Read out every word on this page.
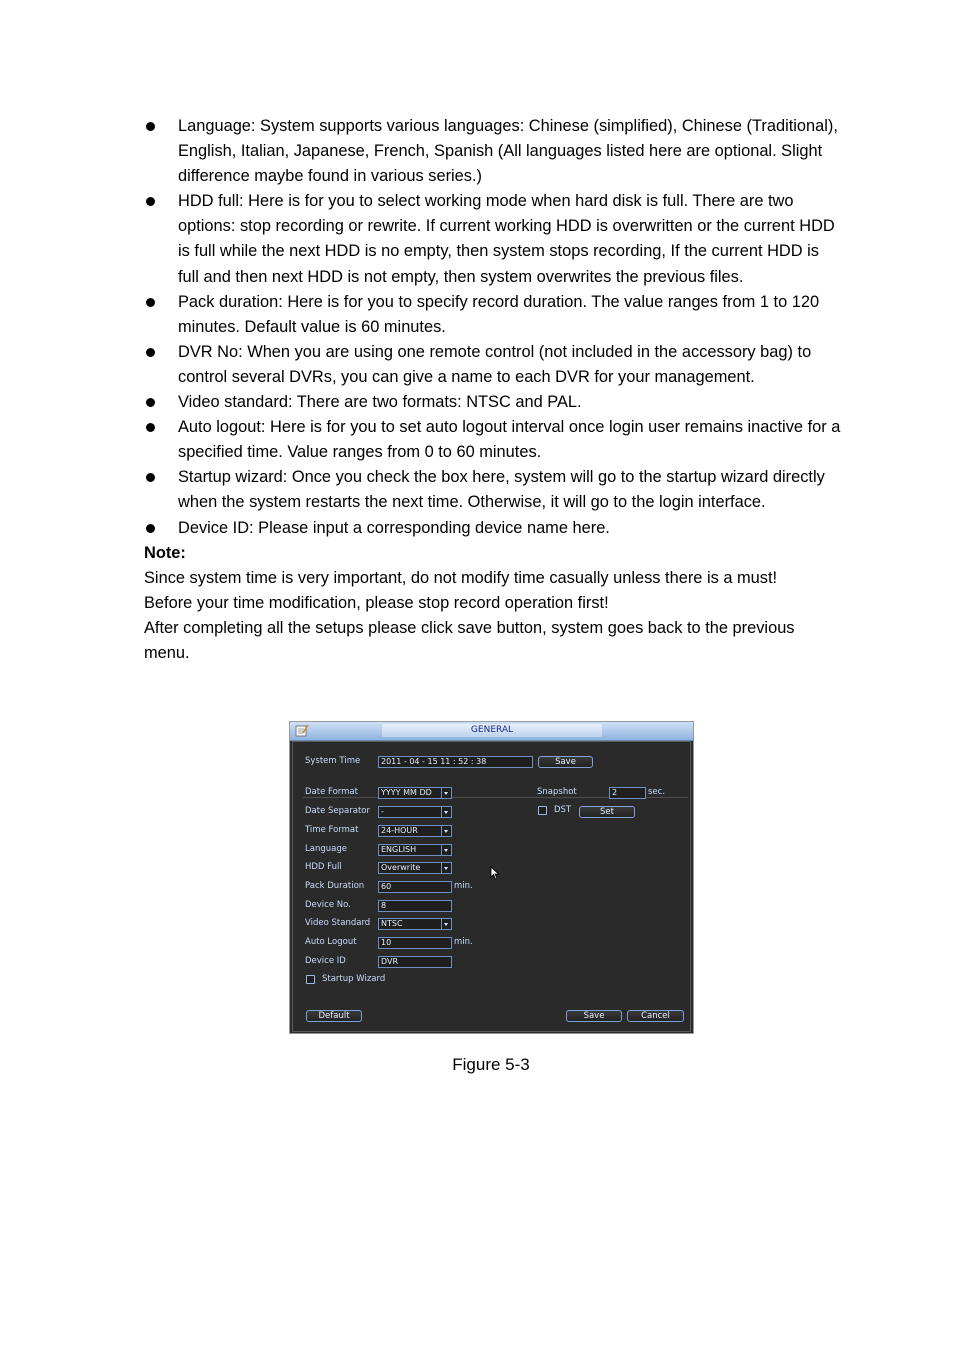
Language: System supports various languages: Chinese (simplified), Chinese (Traditional), English, Italian, Japanese, French, Spanish (All languages listed here are optional. Slight difference maybe found in various series.)
HDD full: Here is for you to select working mode when hard disk is full. There are two options: stop recording or rewrite. If current working HDD is overwritten or the current HDD is full while the next HDD is no empty, then system stops recording, If the current HDD is full and then next HDD is not empty, then system overwrites the previous files.
Pack duration: Here is for you to specify record duration. The value ranges from 1 to 120 minutes. Default value is 60 minutes.
DVR No: When you are using one remote control (not included in the accessory bag) to control several DVRs, you can give a name to each DVR for your management.
Video standard: There are two formats: NTSC and PAL.
Auto logout: Here is for you to set auto logout interval once login user remains inactive for a specified time. Value ranges from 0 to 60 minutes.
Startup wizard: Once you check the box here, system will go to the startup wizard directly when the system restarts the next time. Otherwise, it will go to the login interface.
Device ID: Please input a corresponding device name here.
Note:

Since system time is very important, do not modify time casually unless there is a must!

Before your time modification, please stop record operation first!

After completing all the setups please click save button, system goes back to the previous menu.

GENERAL
System Time	2011 - 04 - 15 11 : 52 : 38	Save
Date Format	YYYY MM DD
Date Separator	-
Time Format	24-HOUR
Language	ENGLISH
HDD Full	Overwrite
Pack Duration	60	min.
Device No.	8
Video Standard	NTSC
Auto Logout	10	min.
Device ID	DVR
Startup Wizard
Snapshot	2	sec.
DST	Set
Default	Save	Cancel
Figure 5-3
